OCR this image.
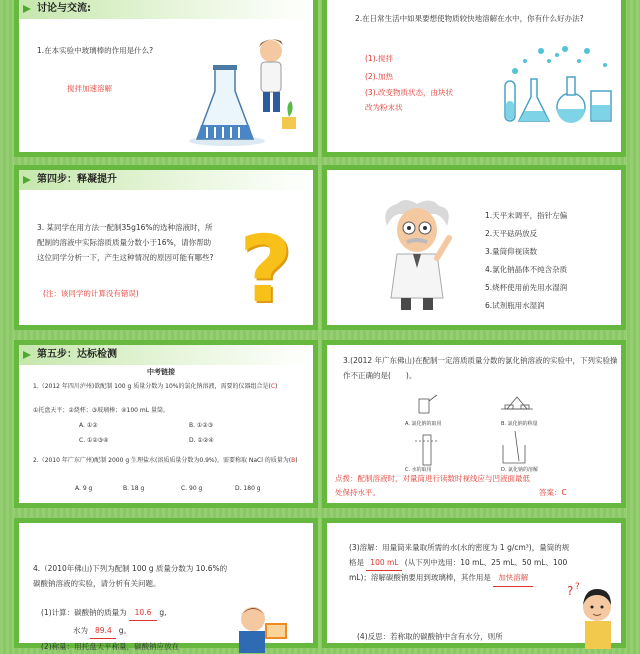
讨论与交流:
1.在本实验中玻璃棒的作用是什么?
搅拌加速溶解
2.在日常生活中如果要想使物质较快地溶解在水中，你有什么好办法?
(1).搅拌
(2).加热
(3).改变物质状态，由块状改为粉末状
第四步：释凝提升
3. 某同学在用方法一配制35g16%的选种溶液时，所配制的溶液中实际溶质质量分数小于16%，请你帮助这位同学分析一下，产生这种情况的原因可能有哪些?
(注：该同学的计算没有错误) ?
1.天平未调平，指针左偏
2.天平砝码放反
3.量筒仰视读数
4.氯化钠晶体不纯含杂质
5.烧杯使用前先用水湿润
6.试剂瓶用水湿润
第五步：达标检测
中考链接
1.（2012 年四川泸州)欲配制 100 g 质量分数为 10%的氯化钠溶液，需要的仪器组合是(C)
①托盘天平；②烧杯；③玻璃棒；④100 mL 量筒。
A. ①②	B. ①②③
C. ①②③④	D. ①②④
2.（2010 年广东广州)配制 2000 g 生理盐水(溶质质量分数为0.9%)，需要称取 NaCl 的质量为(B)
A. 9 g	B. 18 g	C. 90 g	D. 180 g
3.(2012 年广东佛山)在配制一定溶质质量分数的氯化钠溶液的实验中，下列实验操作不正确的是(　　)。
A. 氯化钠的取用	B. 氯化钠的称量
C. 水的取用	D. 氯化钠的溶解
点拨：配制溶液时，对量筒进行读数时视线应与凹液面最低处保持水平。	答案：C
4.（2010年佛山)下列为配制 100 g 质量分数为 10.6%的　碳酸钠溶液的实验，请分析有关问题。
(1)计算：碳酸钠的质量为 10.6 g,
水为 89.4 g。
(2)称量：用托盘天平称量，碳酸钠应放在
(3)溶解：用量筒来量取所需的水(水的密度为 1 g/cm³)，量筒的规格是 100 mL (从下列中选用：10 mL、25 mL、50 mL、100 mL)；溶解碳酸钠要用到玻璃棒，其作用是 加快溶解
(4)反思：若称取的碳酸钠中含有水分，则所
? ?
